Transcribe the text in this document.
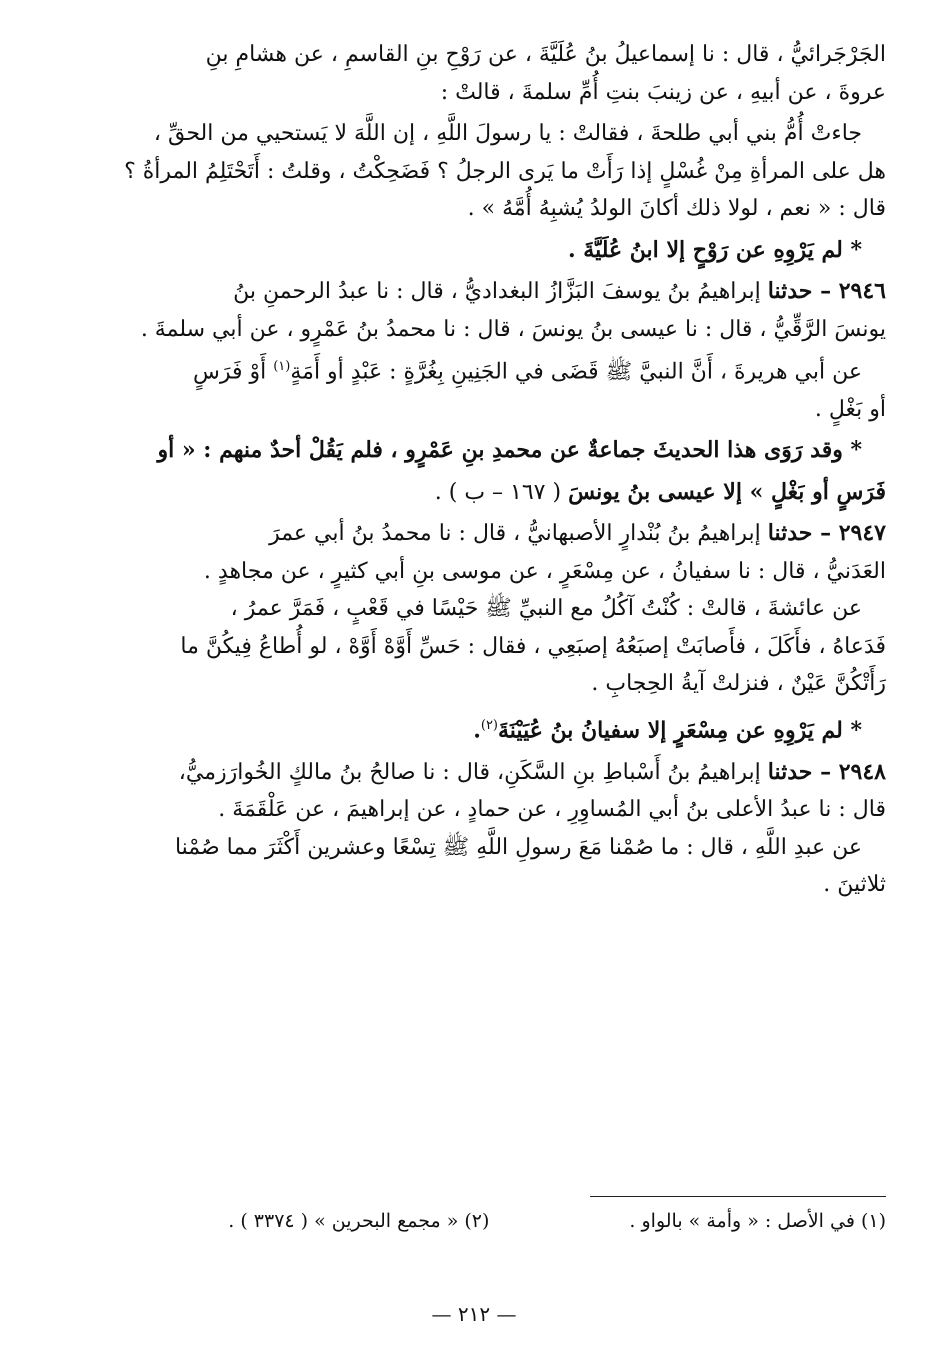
الجَرْجَرائيُّ ، قال : نا إسماعيلُ بنُ عُلَيَّةَ ، عن رَوْحِ بنِ القاسمِ ، عن هشامِ بنِ

عروةَ ، عن أبيهِ ، عن زينبَ بنتِ أُمِّ سلمةَ ، قالتْ :

جاءتْ أُمُّ بني أبي طلحةَ ، فقالتْ : يا رسولَ اللَّهِ ، إن اللَّهَ لا يَستحيي من الحقِّ ،

هل على المرأةِ مِنْ غُسْلٍ إذا رَأَتْ ما يَرى الرجلُ ؟ فَضَحِكْتُ ، وقلتُ : أَتَحْتَلِمُ المرأةُ ؟

قال : « نعم ، لولا ذلك أكانَ الولدُ يُشبِهُ أُمَّهُ » .

* لم يَرْوِهِ عن رَوْحٍ إلا ابنُ عُلَيَّةَ .

٢٩٤٦ – حدثنا إبراهيمُ بنُ يوسفَ البَزَّازُ البغداديُّ ، قال : نا عبدُ الرحمنِ بنُ

يونسَ الرَّقِّيُّ ، قال : نا عيسى بنُ يونسَ ، قال : نا محمدُ بنُ عَمْرٍو ، عن أبي سلمةَ .

عن أبي هريرةَ ، أَنَّ النبيَّ ﷺ قَضَى في الجَنِينِ بِغُرَّةٍ : عَبْدٍ أو أَمَةٍ$^{(١)}$ أَوْ فَرَسٍ

أو بَغْلٍ .

* وقد رَوَى هذا الحديثَ جماعةٌ عن محمدِ بنِ عَمْرٍو ، فلم يَقُلْ أحدٌ منهم : « أو

فَرَسٍ أو بَغْلٍ » إلا عيسى بنُ يونسَ ( ١٦٧ – ب ) .

٢٩٤٧ – حدثنا إبراهيمُ بنُ بُنْدارٍ الأصبهانيُّ ، قال : نا محمدُ بنُ أبي عمرَ

العَدَنيُّ ، قال : نا سفيانُ ، عن مِسْعَرٍ ، عن موسى بنِ أبي كثيرٍ ، عن مجاهدٍ .

عن عائشةَ ، قالتْ : كُنْتُ آكُلُ مع النبيِّ ﷺ حَيْسًا في قَعْبٍ ، فَمَرَّ عمرُ ،

فَدَعاهُ ، فأَكَلَ ، فأَصابَتْ إصبَعُهُ إصبَعِي ، فقال : حَسِّ أَوَّهْ أَوَّهْ ، لو أُطاعُ فِيكُنَّ ما

رَأَتْكُنَّ عَيْنٌ ، فنزلتْ آيةُ الحِجابِ .

* لم يَرْوِهِ عن مِسْعَرٍ إلا سفيانُ بنُ عُيَيْنَةَ$^{(٢)}$.

٢٩٤٨ – حدثنا إبراهيمُ بنُ أَسْباطِ بنِ السَّكَنِ، قال : نا صالحُ بنُ مالكٍ الخُوارَزميُّ،

قال : نا عبدُ الأعلى بنُ أبي المُساوِرِ ، عن حمادٍ ، عن إبراهيمَ ، عن عَلْقَمَةَ .

عن عبدِ اللَّهِ ، قال : ما صُمْنا مَعَ رسولِ اللَّهِ ﷺ تِسْعًا وعشرين أَكْثَرَ مما صُمْنا

ثلاثينَ .

(١) في الأصل : « وأمة » بالواو .
(٢) « مجمع البحرين » ( ٣٣٧٤ ) .
— ٢١٢ —
